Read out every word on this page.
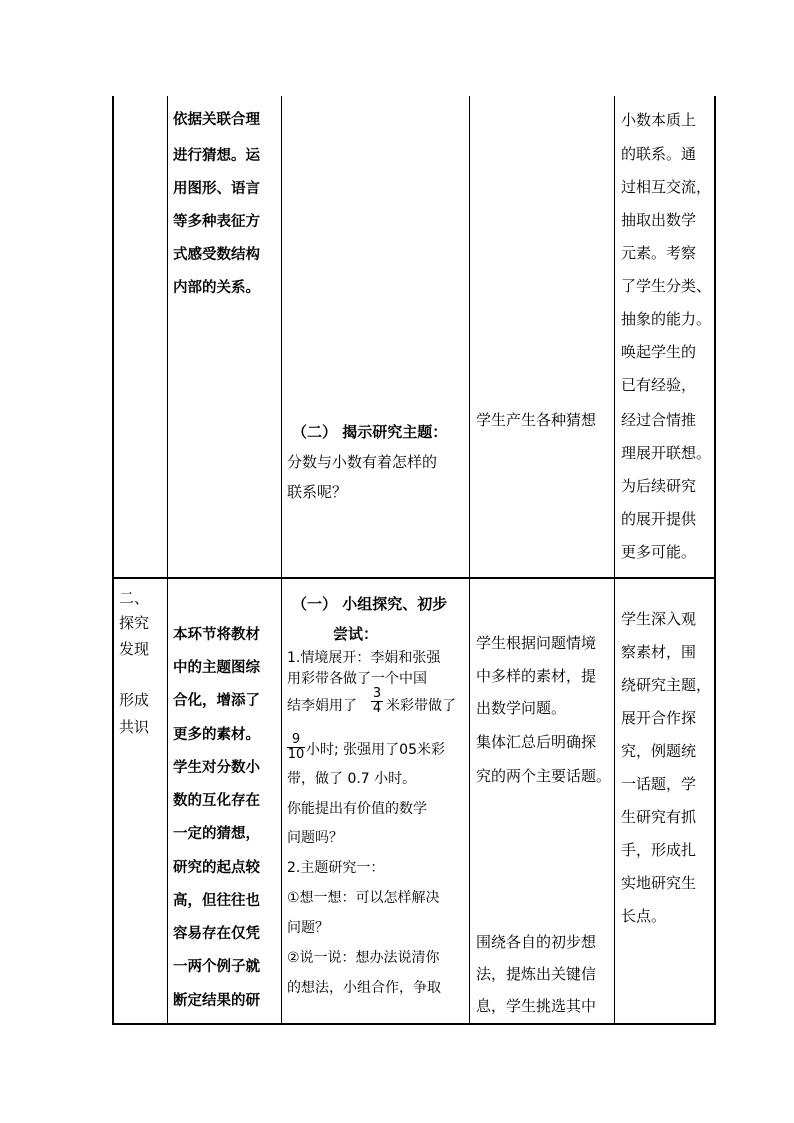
依据关联合理
进行猜想。运
用图形、语言
等多种表征方
式感受数结构
内部的关系。
（二） 揭示研究主题：
分数与小数有着怎样的
联系呢？
学生产生各种猜想
小数本质上
的联系。通
过相互交流，
抽取出数学
元素。考察
了学生分类、
抽象的能力。
唤起学生的
已有经验，
经过合情推
理展开联想。
为后续研究
的展开提供
更多可能。
二、
探究
发现
形成
共识
本环节将教材
中的主题图综
合化，增添了
更多的素材。
学生对分数小
数的互化存在
一定的猜想，
研究的起点较
高，但往往也
容易存在仅凭
一两个例子就
断定结果的研
（一） 小组探究、初步
尝试：
1.情境展开：李娟和张强
用彩带各做了一个中国
结李娟用了
3
4 米彩带做了
9
10 小时; 张强用了05米彩
带，做了 0.7 小时。
你能提出有价值的数学
问题吗？
2.主题研究一：
①想一想：可以怎样解决
问题？
②说一说：想办法说清你
的想法，小组合作，争取
学生根据问题情境
中多样的素材，提
出数学问题。
集体汇总后明确探
究的两个主要话题。
围绕各自的初步想
法，提炼出关键信
息，学生挑选其中
学生深入观
察素材，围
绕研究主题，
展开合作探
究，例题统
一话题，学
生研究有抓
手，形成扎
实地研究生
长点。
